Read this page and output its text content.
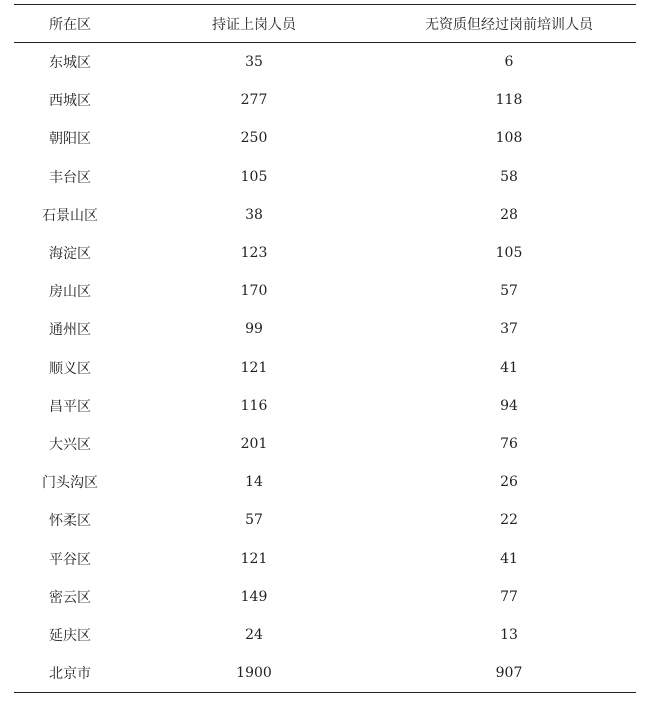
所在区	持证上岗人员	无资质但经过岗前培训人员
东城区	35	6
西城区	277	118
朝阳区	250	108
丰台区	105	58
石景山区	38	28
海淀区	123	105
房山区	170	57
通州区	99	37
顺义区	121	41
昌平区	116	94
大兴区	201	76
门头沟区	14	26
怀柔区	57	22
平谷区	121	41
密云区	149	77
延庆区	24	13
北京市	1900	907
